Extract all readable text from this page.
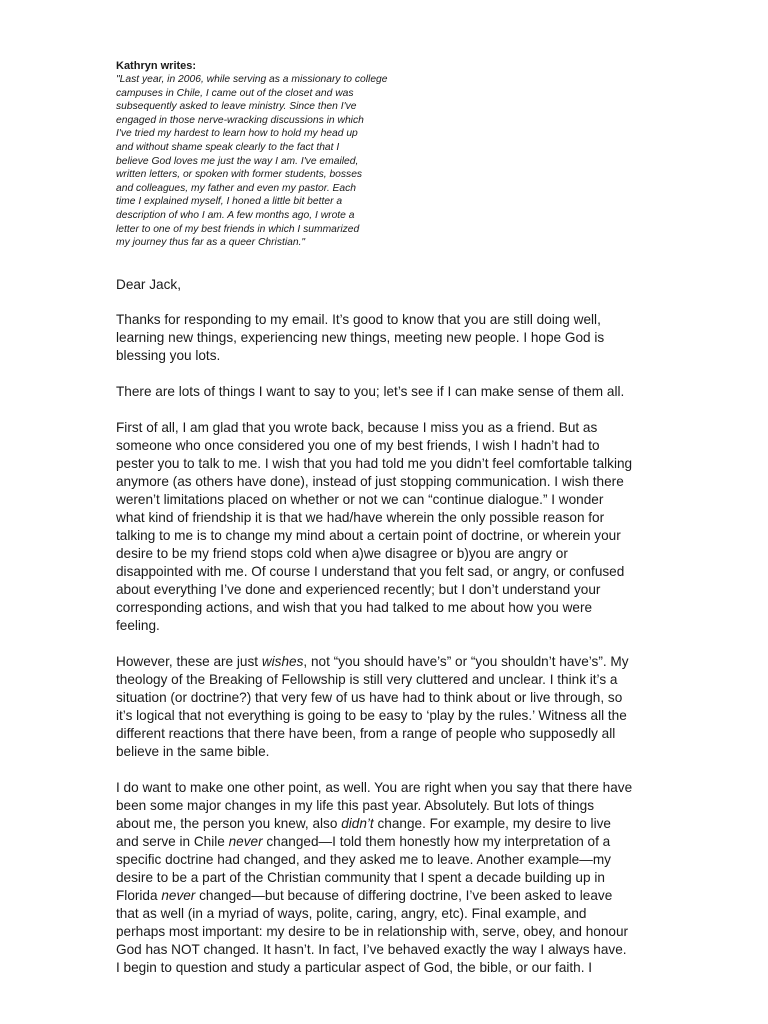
Kathryn writes:

"Last year, in 2006, while serving as a missionary to college
campuses in Chile, I came out of the closet and was
subsequently asked to leave ministry. Since then I've
engaged in those nerve-wracking discussions in which
I've tried my hardest to learn how to hold my head up
and without shame speak clearly to the fact that I
believe God loves me just the way I am. I've emailed,
written letters, or spoken with former students, bosses
and colleagues, my father and even my pastor. Each
time I explained myself, I honed a little bit better a
description of who I am. A few months ago, I wrote a
letter to one of my best friends in which I summarized
my journey thus far as a queer Christian."

Dear Jack,

Thanks for responding to my email. It’s good to know that you are still doing well,
learning new things, experiencing new things, meeting new people. I hope God is
blessing you lots.

There are lots of things I want to say to you; let’s see if I can make sense of them all.

First of all, I am glad that you wrote back, because I miss you as a friend. But as
someone who once considered you one of my best friends, I wish I hadn’t had to
pester you to talk to me. I wish that you had told me you didn’t feel comfortable talking
anymore (as others have done), instead of just stopping communication. I wish there
weren’t limitations placed on whether or not we can “continue dialogue.” I wonder
what kind of friendship it is that we had/have wherein the only possible reason for
talking to me is to change my mind about a certain point of doctrine, or wherein your
desire to be my friend stops cold when a)we disagree or b)you are angry or
disappointed with me. Of course I understand that you felt sad, or angry, or confused
about everything I’ve done and experienced recently; but I don’t understand your
corresponding actions, and wish that you had talked to me about how you were
feeling.

However, these are just wishes, not “you should have’s” or “you shouldn’t have’s”. My
theology of the Breaking of Fellowship is still very cluttered and unclear. I think it’s a
situation (or doctrine?) that very few of us have had to think about or live through, so
it’s logical that not everything is going to be easy to ‘play by the rules.’ Witness all the
different reactions that there have been, from a range of people who supposedly all
believe in the same bible.

I do want to make one other point, as well. You are right when you say that there have
been some major changes in my life this past year. Absolutely. But lots of things
about me, the person you knew, also didn’t change. For example, my desire to live
and serve in Chile never changed—I told them honestly how my interpretation of a
specific doctrine had changed, and they asked me to leave. Another example—my
desire to be a part of the Christian community that I spent a decade building up in
Florida never changed—but because of differing doctrine, I’ve been asked to leave
that as well (in a myriad of ways, polite, caring, angry, etc). Final example, and
perhaps most important: my desire to be in relationship with, serve, obey, and honour
God has NOT changed. It hasn’t. In fact, I’ve behaved exactly the way I always have.
I begin to question and study a particular aspect of God, the bible, or our faith. I
